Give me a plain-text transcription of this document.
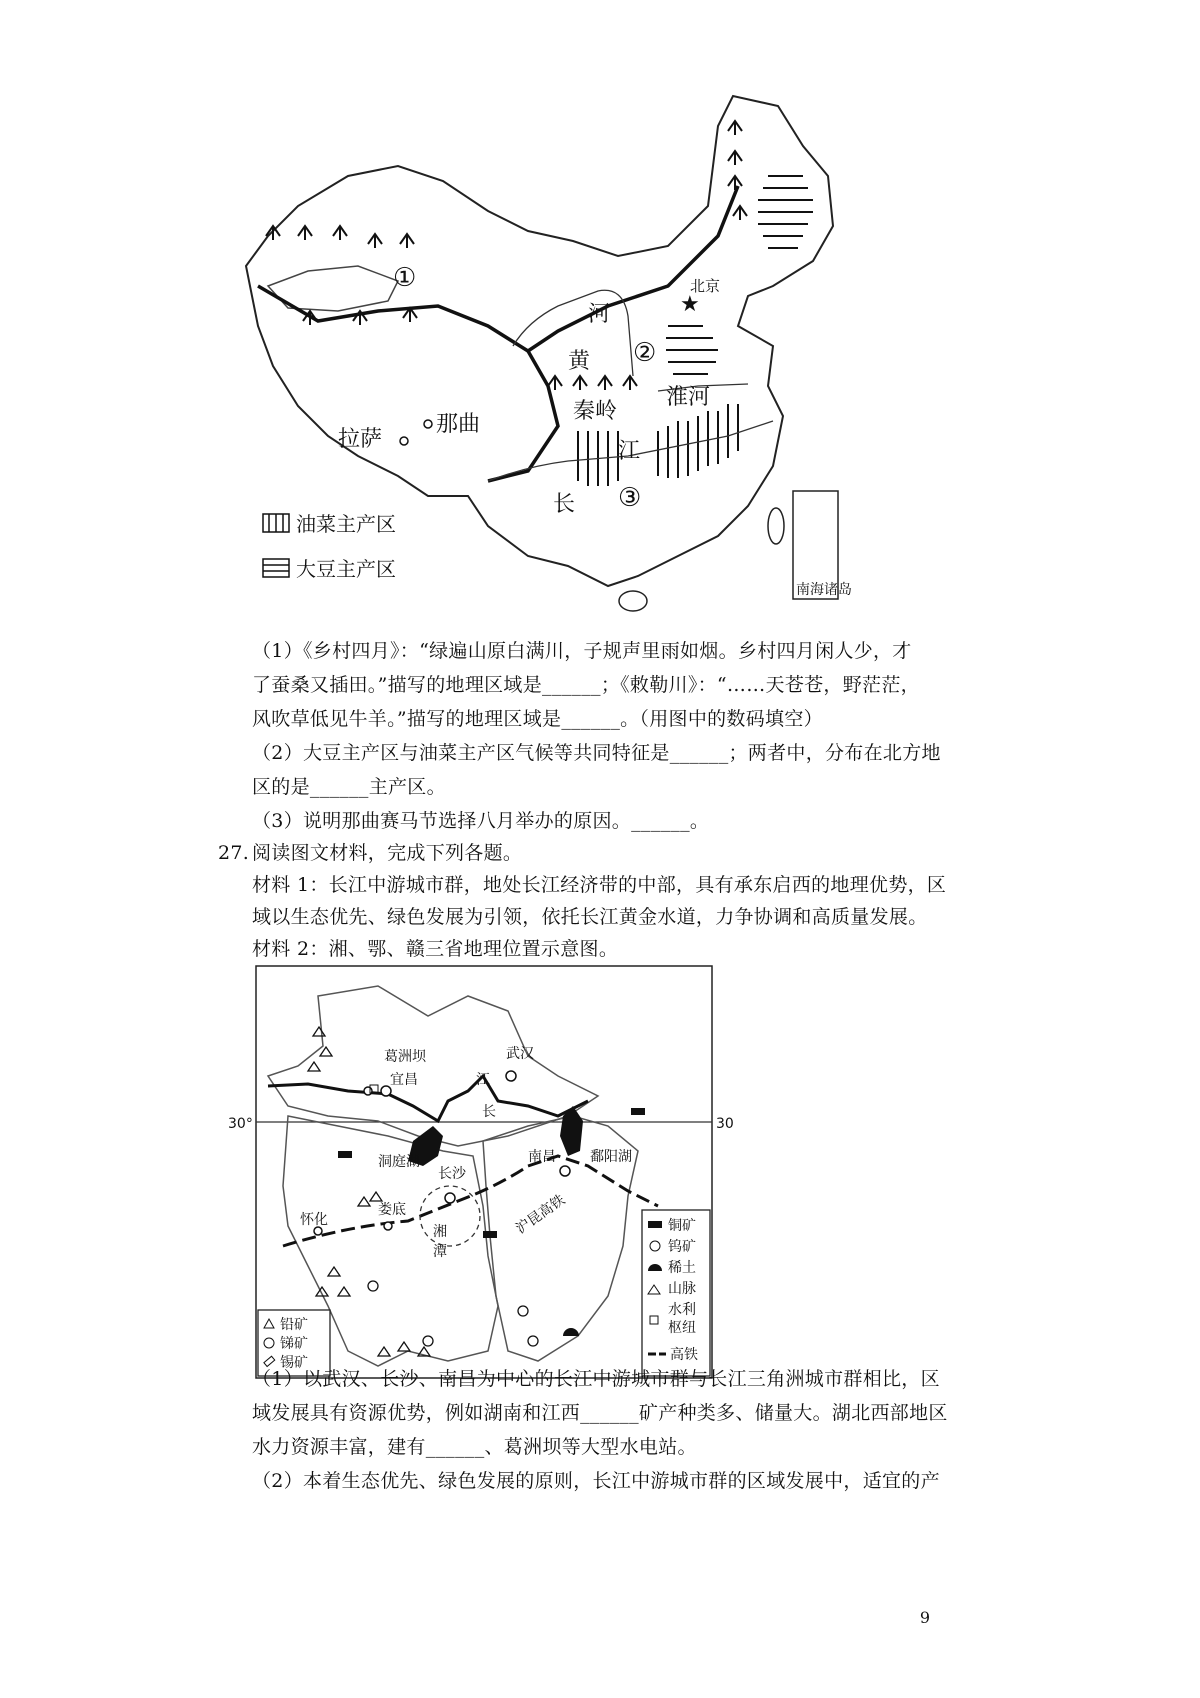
南海诸岛
★
北京
①
②
③
河
黄
秦岭
淮河
拉萨
那曲
江
长
油菜主产区
大豆主产区
（1）《乡村四月》：“绿遍山原白满川，子规声里雨如烟。乡村四月闲人少，才
了蚕桑又插田。”描写的地理区域是______；《敕勒川》：“……天苍苍，野茫茫，
风吹草低见牛羊。”描写的地理区域是______。（用图中的数码填空）
（2）大豆主产区与油菜主产区气候等共同特征是______；两者中，分布在北方地
区的是______主产区。
（3）说明那曲赛马节选择八月举办的原因。______。
27. 阅读图文材料，完成下列各题。
材料 1：长江中游城市群，地处长江经济带的中部，具有承东启西的地理优势，区
域以生态优先、绿色发展为引领，依托长江黄金水道，力争协调和高质量发展。
材料 2：湘、鄂、赣三省地理位置示意图。
30°	30
葛洲坝
宜昌
武汉
江
长
洞庭湖
长沙
南昌 鄱阳湖
怀化
娄底
湘
潭
沪昆高铁	铜矿
钨矿
稀土
山脉
水利
枢纽
高铁
铅矿
锑矿
锡矿
（1）以武汉、长沙、南昌为中心的长江中游城市群与长江三角洲城市群相比，区
域发展具有资源优势，例如湖南和江西______矿产种类多、储量大。湖北西部地区
水力资源丰富，建有______、葛洲坝等大型水电站。
（2）本着生态优先、绿色发展的原则，长江中游城市群的区域发展中，适宜的产
9
